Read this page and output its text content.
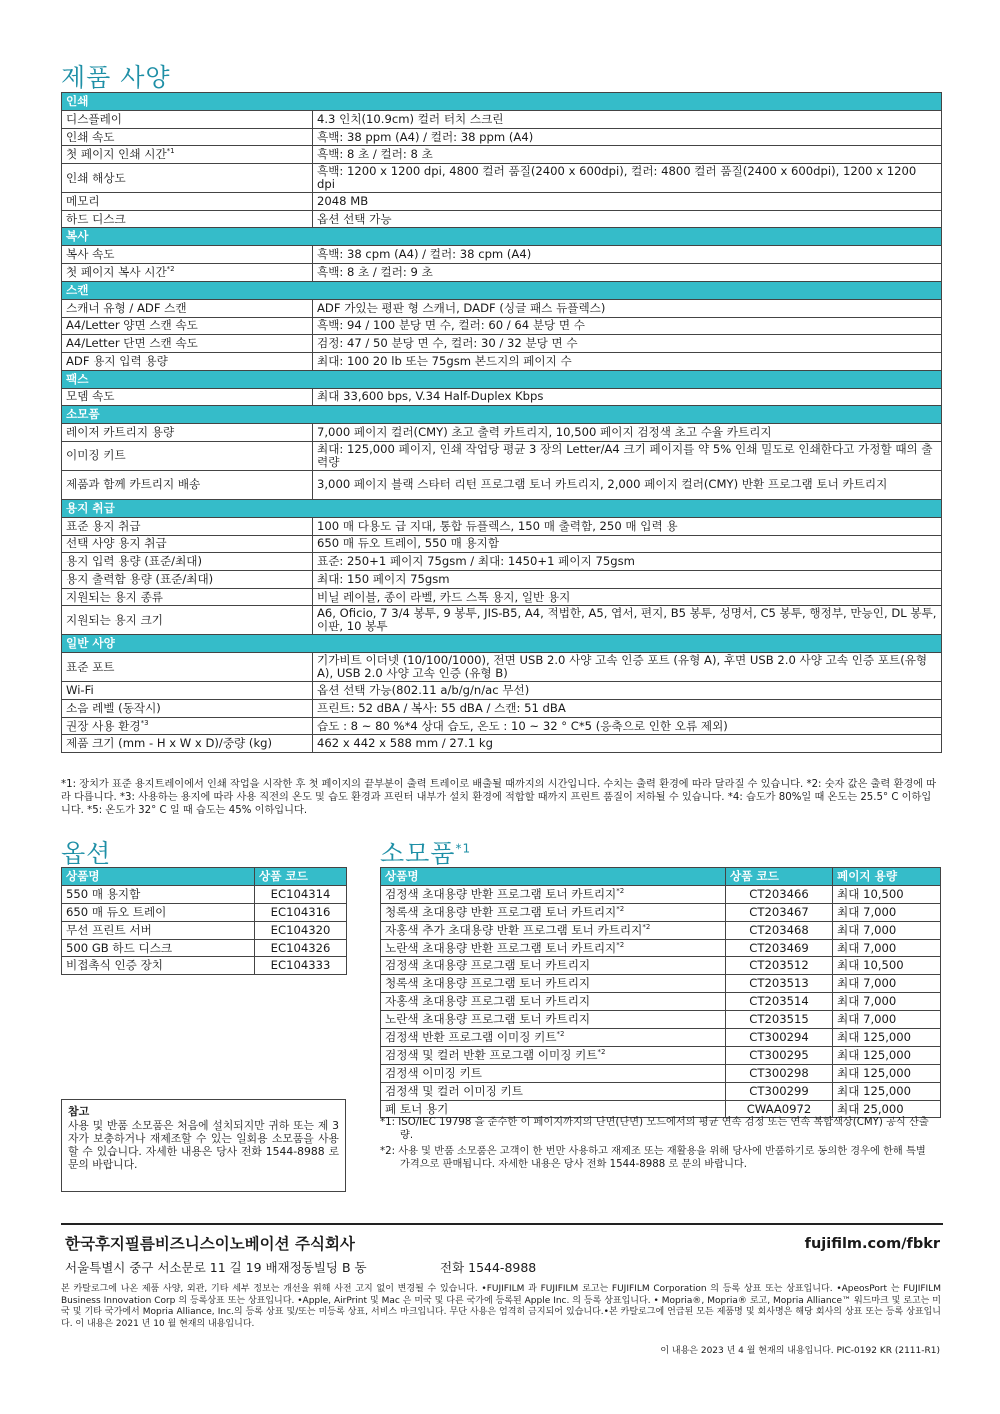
제품 사양
인쇄	
디스플레이	4.3 인치(10.9cm) 컬러 터치 스크린
인쇄 속도	흑백: 38 ppm (A4) / 컬러: 38 ppm (A4)
첫 페이지 인쇄 시간$^{*1}$	흑백: 8 초 / 컬러: 8 초
인쇄 해상도	흑백: 1200 x 1200 dpi, 4800 컬러 품질(2400 x 600dpi), 컬러: 4800 컬러 품질(2400 x 600dpi), 1200 x 1200 dpi
메모리	2048 MB
하드 디스크	옵션 선택 가능
복사	
복사 속도	흑백: 38 cpm (A4) / 컬러: 38 cpm (A4)
첫 페이지 복사 시간$^{*2}$	흑백: 8 초 / 컬러: 9 초
스캔	
스캐너 유형 / ADF 스캔	ADF 가있는 평판 형 스캐너, DADF (싱글 패스 듀플렉스)
A4/Letter 양면 스캔 속도	흑백: 94 / 100 분당 면 수, 컬러: 60 / 64 분당 면 수
A4/Letter 단면 스캔 속도	검정: 47 / 50 분당 면 수, 컬러: 30 / 32 분당 면 수
ADF 용지 입력 용량	최대: 100 20 lb 또는 75gsm 본드지의 페이지 수
팩스	
모뎀 속도	최대 33,600 bps, V.34 Half-Duplex Kbps
소모품	
레이저 카트리지 용량	7,000 페이지 컬러(CMY) 초고 출력 카트리지, 10,500 페이지 검정색 초고 수율 카트리지
이미징 키트	최대: 125,000 페이지, 인쇄 작업당 평균 3 장의 Letter/A4 크기 페이지를 약 5% 인쇄 밀도로 인쇄한다고 가정할 때의 출력량
제품과 함께 카트리지 배송	3,000 페이지 블랙 스타터 리턴 프로그램 토너 카트리지, 2,000 페이지 컬러(CMY) 반환 프로그램 토너 카트리지
용지 취급	
표준 용지 취급	100 매 다용도 급 지대, 통합 듀플렉스, 150 매 출력함, 250 매 입력 용
선택 사양 용지 취급	650 매 듀오 트레이, 550 매 용지함
용지 입력 용량 (표준/최대)	표준: 250+1 페이지 75gsm / 최대: 1450+1 페이지 75gsm
용지 출력함 용량 (표준/최대)	최대: 150 페이지 75gsm
지원되는 용지 종류	비닐 레이블, 종이 라벨, 카드 스톡 용지, 일반 용지
지원되는 용지 크기	A6, Oficio, 7 3/4 봉투, 9 봉투, JIS-B5, A4, 적법한, A5, 엽서, 편지, B5 봉투, 성명서, C5 봉투, 행정부, 만능인, DL 봉투, 이판, 10 봉투
일반 사양	
표준 포트	기가비트 이더넷 (10/100/1000), 전면 USB 2.0 사양 고속 인증 포트 (유형 A), 후면 USB 2.0 사양 고속 인증 포트(유형 A), USB 2.0 사양 고속 인증 (유형 B)
Wi-Fi	옵션 선택 가능(802.11 a/b/g/n/ac 무선)
소음 레벨 (동작시)	프린트: 52 dBA / 복사: 55 dBA / 스캔: 51 dBA
권장 사용 환경$^{*3}$	습도 : 8 ~ 80 %*4 상대 습도, 온도 : 10 ~ 32 ° C*5 (응축으로 인한 오류 제외)
제품 크기 (mm - H x W x D)/중량 (kg)	462 x 442 x 588 mm / 27.1 kg
*1: 장치가 표준 용지트레이에서 인쇄 작업을 시작한 후 첫 페이지의 끝부분이 출력 트레이로 배출될 때까지의 시간입니다. 수치는 출력 환경에 따라 달라질 수 있습니다. *2: 숫자 값은 출력 환경에 따라 다릅니다. *3: 사용하는 용지에 따라 사용 직전의 온도 및 습도 환경과 프린터 내부가 설치 환경에 적합할 때까지 프린트 품질이 저하될 수 있습니다. *4: 습도가 80%일 때 온도는 25.5° C 이하입니다. *5: 온도가 32° C 일 때 습도는 45% 이하입니다.
옵션
상품명	상품 코드
550 매 용지함	EC104314
650 매 듀오 트레이	EC104316
무선 프린트 서버	EC104320
500 GB 하드 디스크	EC104326
비접촉식 인증 장치	EC104333
소모품$^{*1}$
상품명	상품 코드	페이지 용량
검정색 초대용량 반환 프로그램 토너 카트리지$^{*2}$	CT203466	최대 10,500
청록색 초대용량 반환 프로그램 토너 카트리지$^{*2}$	CT203467	최대 7,000
자홍색 추가 초대용량 반환 프로그램 토너 카트리지$^{*2}$	CT203468	최대 7,000
노란색 초대용량 반환 프로그램 토너 카트리지$^{*2}$	CT203469	최대 7,000
검정색 초대용량 프로그램 토너 카트리지	CT203512	최대 10,500
청록색 초대용량 프로그램 토너 카트리지	CT203513	최대 7,000
자홍색 초대용량 프로그램 토너 카트리지	CT203514	최대 7,000
노란색 초대용량 프로그램 토너 카트리지	CT203515	최대 7,000
검정색 반환 프로그램 이미징 키트$^{*2}$	CT300294	최대 125,000
검정색 및 컬러 반환 프로그램 이미징 키트$^{*2}$	CT300295	최대 125,000
검정색 이미징 키트	CT300298	최대 125,000
검정색 및 컬러 이미징 키트	CT300299	최대 125,000
폐 토너 용기	CWAA0972	최대 25,000
*1: ISO/IEC 19798 을 준수한 이 페이지까지의 단면(단면) 모드에서의 평균 연속 검정 또는 연속 복합색상(CMY) 공식 산출량.
*2: 사용 및 반품 소모품은 고객이 한 번만 사용하고 재제조 또는 재활용을 위해 당사에 반품하기로 동의한 경우에 한해 특별 가격으로 판매됩니다. 자세한 내용은 당사 전화 1544-8988 로 문의 바랍니다.
참고
사용 및 반품 소모품은 처음에 설치되지만 귀하 또는 제 3 자가 보충하거나 재제조할 수 있는 일회용 소모품을 사용할 수 있습니다. 자세한 내용은 당사 전화 1544-8988 로 문의 바랍니다.
한국후지필름비즈니스이노베이션 주식회사
서울특별시 중구 서소문로 11 길 19 배재정동빌딩 B 동	전화 1544-8988
fujifilm.com/fbkr
본 카탈로그에 나온 제품 사양, 외관, 기타 세부 정보는 개선을 위해 사전 고지 없이 변경될 수 있습니다. •FUJIFILM 과 FUJIFILM 로고는 FUJIFILM Corporation 의 등록 상표 또는 상표입니다. •ApeosPort 는 FUJIFILM Business Innovation Corp 의 등록상표 또는 상표입니다. •Apple, AirPrint 및 Mac 은 미국 및 다른 국가에 등록된 Apple Inc. 의 등록 상표입니다. • Mopria®, Mopria® 로고, Mopria Alliance™ 워드마크 및 로고는 미국 및 기타 국가에서 Mopria Alliance, Inc.의 등록 상표 및/또는 미등록 상표, 서비스 마크입니다. 무단 사용은 엄격히 금지되어 있습니다.•본 카탈로그에 언급된 모든 제품명 및 회사명은 해당 회사의 상표 또는 등록 상표입니다. 이 내용은 2021 년 10 월 현재의 내용입니다.
이 내용은 2023 년 4 월 현재의 내용입니다. PIC-0192 KR (2111-R1)
